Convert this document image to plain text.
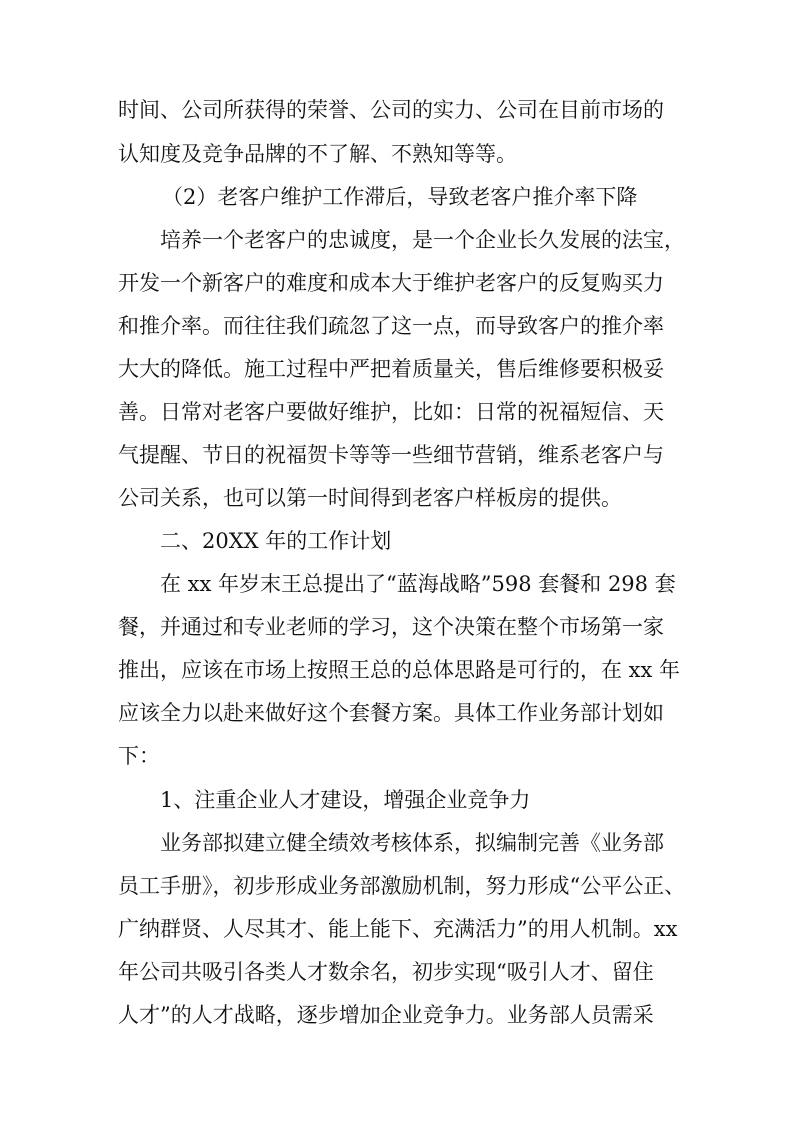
时间、公司所获得的荣誉、公司的实力、公司在目前市场的
认知度及竞争品牌的不了解、不熟知等等。
（2）老客户维护工作滞后，导致老客户推介率下降
培养一个老客户的忠诚度，是一个企业长久发展的法宝，
开发一个新客户的难度和成本大于维护老客户的反复购买力
和推介率。而往往我们疏忽了这一点，而导致客户的推介率
大大的降低。施工过程中严把着质量关，售后维修要积极妥
善。日常对老客户要做好维护，比如：日常的祝福短信、天
气提醒、节日的祝福贺卡等等一些细节营销，维系老客户与
公司关系，也可以第一时间得到老客户样板房的提供。
二、20XX 年的工作计划
在 xx 年岁末王总提出了“蓝海战略”598 套餐和 298 套
餐，并通过和专业老师的学习，这个决策在整个市场第一家
推出，应该在市场上按照王总的总体思路是可行的，在 xx 年
应该全力以赴来做好这个套餐方案。具体工作业务部计划如
下：
1、注重企业人才建设，增强企业竞争力
业务部拟建立健全绩效考核体系，拟编制完善《业务部
员工手册》，初步形成业务部激励机制，努力形成“公平公正、
广纳群贤、人尽其才、能上能下、充满活力”的用人机制。xx
年公司共吸引各类人才数余名，初步实现“吸引人才、留住
人才”的人才战略，逐步增加企业竞争力。业务部人员需采
